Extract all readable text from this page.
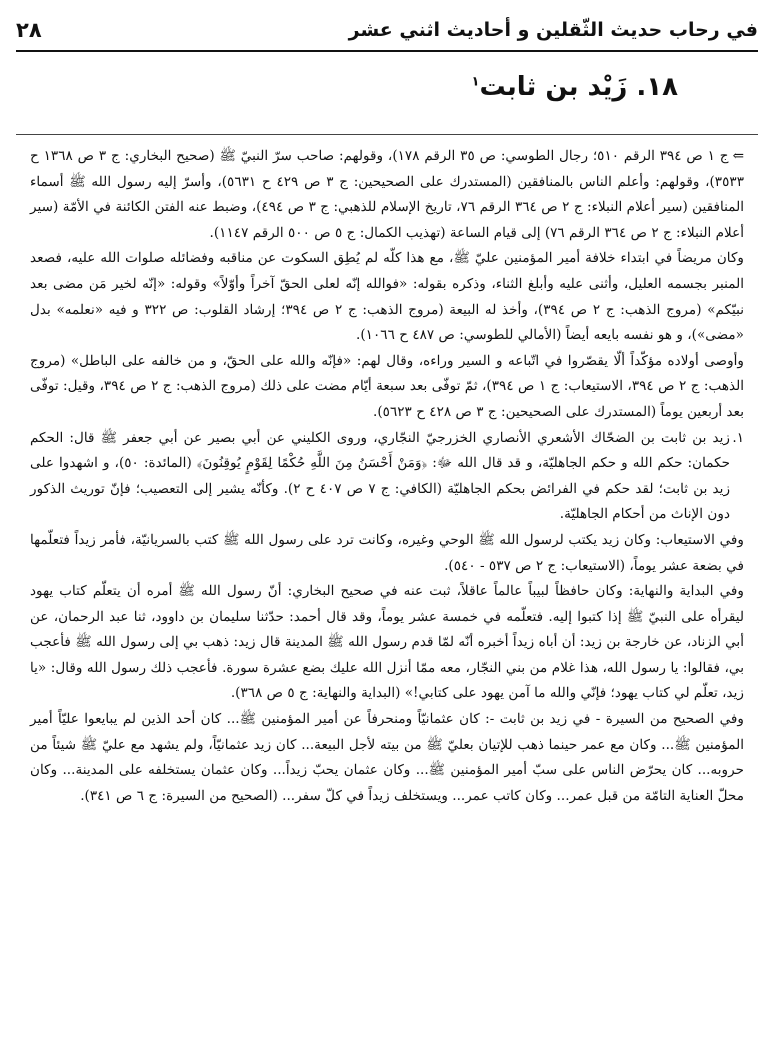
في رحاب حديث الثّقلين و أحاديث اثني عشر
٢٨
١٨. زَيْد بن ثابت$^١$

⇐ج ١ ص ٣٩٤ الرقم ٥١٠؛ رجال الطوسي: ص ٣٥ الرقم ١٧٨)، وقولهم: صاحب سرّ النبيّ ﷺ (صحيح البخاري: ج ٣ ص ١٣٦٨ ح ٣٥٣٣)، وقولهم: وأعلم الناس بالمنافقين (المستدرك على الصحيحين: ج ٣ ص ٤٢٩ ح ٥٦٣١)، وأسرّ إليه رسول الله ﷺ أسماء المنافقين (سير أعلام النبلاء: ج ٢ ص ٣٦٤ الرقم ٧٦، تاريخ الإسلام للذهبي: ج ٣ ص ٤٩٤)، وضبط عنه الفتن الكائنة في الأمّة (سير أعلام النبلاء: ج ٢ ص ٣٦٤ الرقم ٧٦) إلى قيام الساعة (تهذيب الكمال: ج ٥ ص ٥٠٠ الرقم ١١٤٧).

وكان مريضاً في ابتداء خلافة أمير المؤمنين عليّ ﷺ، مع هذا كلّه لم يُطِق السكوت عن مناقبه وفضائله صلوات الله عليه، فصعد المنبر بجسمه العليل، وأثنى عليه وأبلغ الثناء، وذكره بقوله: «فوالله إنّه لعلى الحقّ آخراً وأوّلاً» وقوله: «إنّه لخير مَن مضى بعد نبيّكم» (مروج الذهب: ج ٢ ص ٣٩٤)، وأخذ له البيعة (مروج الذهب: ج ٢ ص ٣٩٤؛ إرشاد القلوب: ص ٣٢٢ و فيه «نعلمه» بدل «مضى»)، و هو نفسه بايعه أيضاً (الأمالي للطوسي: ص ٤٨٧ ح ١٠٦٦).

وأوصى أولاده مؤكّداً ألّا يقصّروا في اتّباعه و السير وراءه، وقال لهم: «فإنّه والله على الحقّ، و من خالفه على الباطل» (مروج الذهب: ج ٢ ص ٣٩٤، الاستيعاب: ج ١ ص ٣٩٤)، ثمّ توفّى بعد سبعة أيّام مضت على ذلك (مروج الذهب: ج ٢ ص ٣٩٤، وقيل: توفّى بعد أربعين يوماً (المستدرك على الصحيحين: ج ٣ ص ٤٢٨ ح ٥٦٢٣).

١.
زيد بن ثابت بن الضحّاك الأشعري الأنصاري الخزرجيّ النجّاري، وروى الكليني عن أبي بصير عن أبي جعفر ﷺ قال: الحكم حكمان: حكم الله و حكم الجاهليّة، و قد قال الله ﷻ: ﴿وَمَنْ أَحْسَنُ مِنَ اللَّهِ حُكْمًا لِقَوْمٍ يُوقِنُونَ﴾ (المائدة: ٥٠)، و اشهدوا على زيد بن ثابت؛ لقد حكم في الفرائض بحكم الجاهليّة (الكافي: ج ٧ ص ٤٠٧ ح ٢). وكأنّه يشير إلى التعصيب؛ فإنّ توريث الذكور دون الإناث من أحكام الجاهليّة.

وفي الاستيعاب: وكان زيد يكتب لرسول الله ﷺ الوحي وغيره، وكانت ترد على رسول الله ﷺ كتب بالسريانيّة، فأمر زيداً فتعلّمها في بضعة عشر يوماً، (الاستيعاب: ج ٢ ص ٥٣٧ - ٥٤٠).

وفي البداية والنهاية: وكان حافظاً لبيباً عالماً عاقلاً، ثبت عنه في صحيح البخاري: أنّ رسول الله ﷺ أمره أن يتعلّم كتاب يهود ليقرأه على النبيّ ﷺ إذا كتبوا إليه. فتعلّمه في خمسة عشر يوماً، وقد قال أحمد: حدّثنا سليمان بن داوود، ثنا عبد الرحمان، عن أبي الزناد، عن خارجة بن زيد: أن أباه زيداً أخبره أنّه لمّا قدم رسول الله ﷺ المدينة قال زيد: ذهب بي إلى رسول الله ﷺ فأعجب بي، فقالوا: يا رسول الله، هذا غلام من بني النجّار، معه ممّا أنزل الله عليك بضع عشرة سورة. فأعجب ذلك رسول الله وقال: «يا زيد، تعلّم لي كتاب يهود؛ فإنّي والله ما آمن يهود على كتابي!» (البداية والنهاية: ج ٥ ص ٣٦٨).

وفي الصحيح من السيرة - في زيد بن ثابت -: كان عثمانيّاً ومنحرفاً عن أمير المؤمنين ﷺ... كان أحد الذين لم يبايعوا عليّاً أمير المؤمنين ﷺ... وكان مع عمر حينما ذهب للإتيان بعليّ ﷺ من بيته لأجل البيعة... كان زيد عثمانيّاً، ولم يشهد مع عليّ ﷺ شيئاً من حروبه... كان يحرّض الناس على سبّ أمير المؤمنين ﷺ... وكان عثمان يحبّ زيداً... وكان عثمان يستخلفه على المدينة... وكان محلّ العناية التامّة من قبل عمر... وكان كاتب عمر... ويستخلف زيداً في كلّ سفر... (الصحيح من السيرة: ج ٦ ص ٣٤١).
